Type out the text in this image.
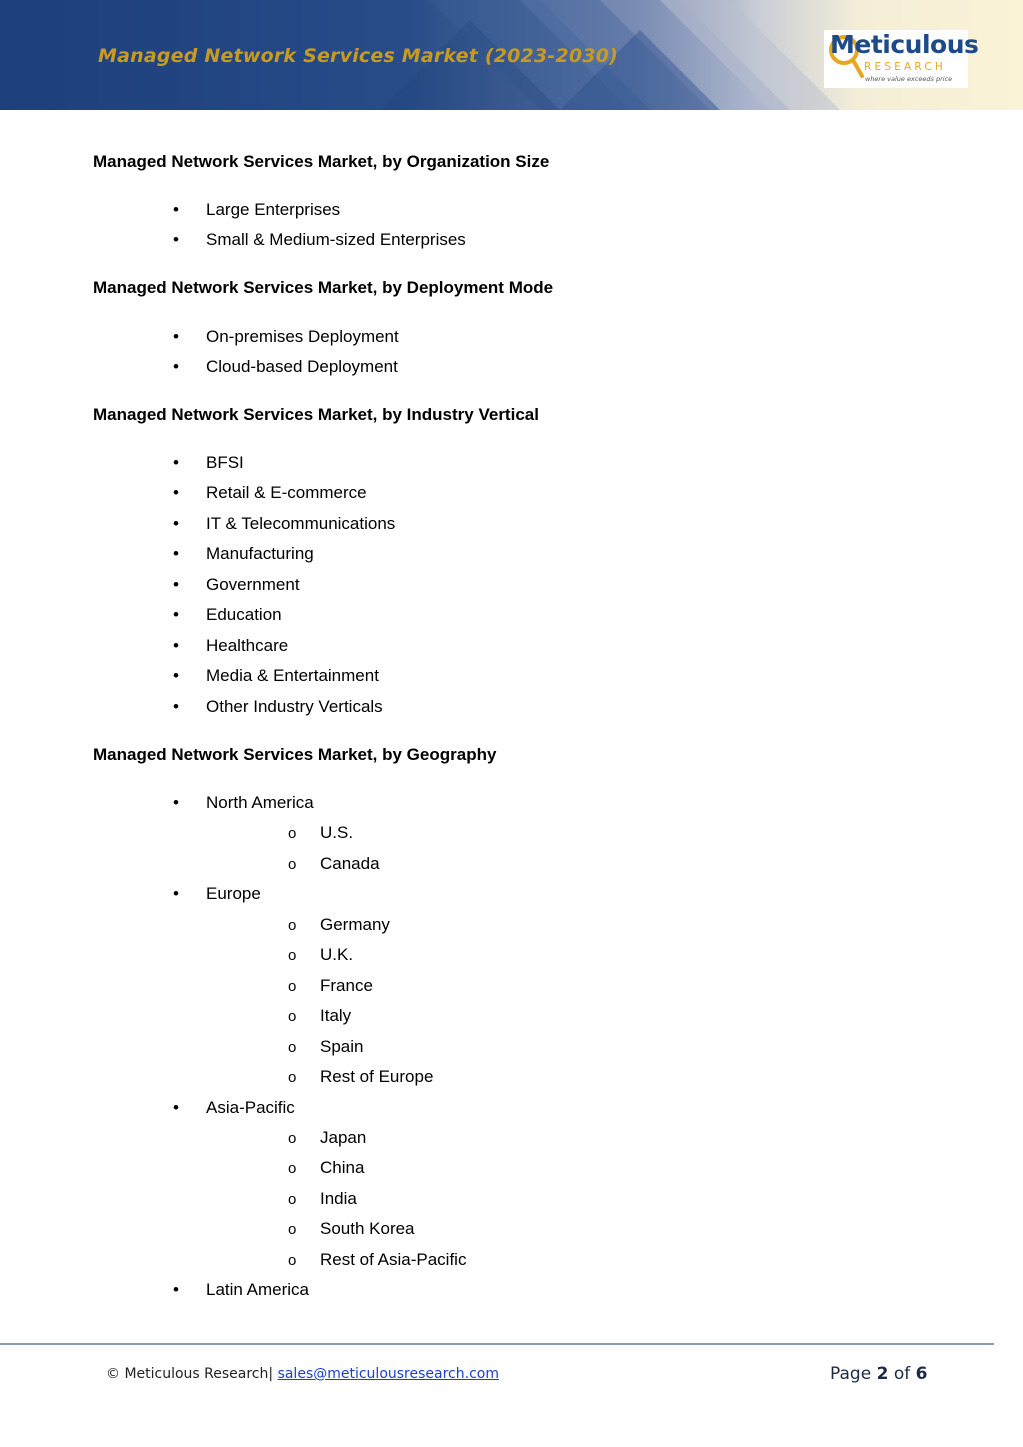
Managed Network Services Market (2023-2030)	Meticulous
RESEARCH
where value exceeds price
Managed Network Services Market, by Organization Size
• Large Enterprises
• Small & Medium-sized Enterprises
Managed Network Services Market, by Deployment Mode
• On-premises Deployment
• Cloud-based Deployment
Managed Network Services Market, by Industry Vertical
• BFSI
• Retail & E-commerce
• IT & Telecommunications
• Manufacturing
• Government
• Education
• Healthcare
• Media & Entertainment
• Other Industry Verticals
Managed Network Services Market, by Geography
• North America
o U.S.
o Canada
• Europe
o Germany
o U.K.
o France
o Italy
o Spain
o Rest of Europe
• Asia-Pacific
o Japan
o China
o India
o South Korea
o Rest of Asia-Pacific
• Latin America
© Meticulous Research| sales@meticulousresearch.com	Page 2 of 6
